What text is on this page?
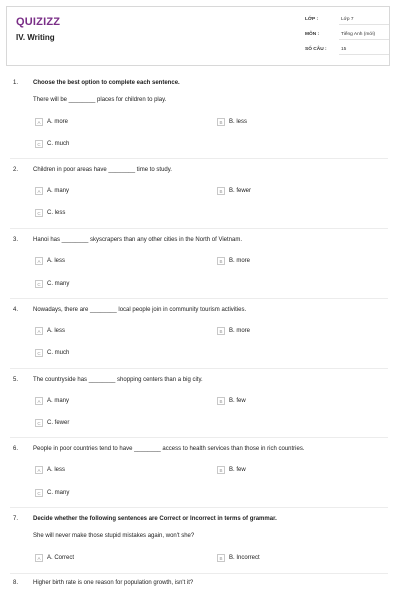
QUIZIZZ
IV. Writing
LỚP :	Lớp 7
MÔN :	Tiếng Anh (mới)
SỐ CÂU :	15
1. Choose the best option to complete each sentence.
There will be ________ places for children to play.
A A. more	B B. less
C C. much
2. Children in poor areas have ________ time to study.
A A. many	B B. fewer
C C. less
3. Hanoi has ________ skyscrapers than any other cities in the North of Vietnam.
A A. less	B B. more
C C. many
4. Nowadays, there are ________ local people join in community tourism activities.
A A. less	B B. more
C C. much
5. The countryside has ________ shopping centers than a big city.
A A. many	B B. few
C C. fewer
6. People in poor countries tend to have ________ access to health services than those in rich countries.
A A. less	B B. few
C C. many
7. Decide whether the following sentences are Correct or Incorrect in terms of grammar.
She will never make those stupid mistakes again, won't she?
A A. Correct	B B. Incorrect
8. Higher birth rate is one reason for population growth, isn't it?
